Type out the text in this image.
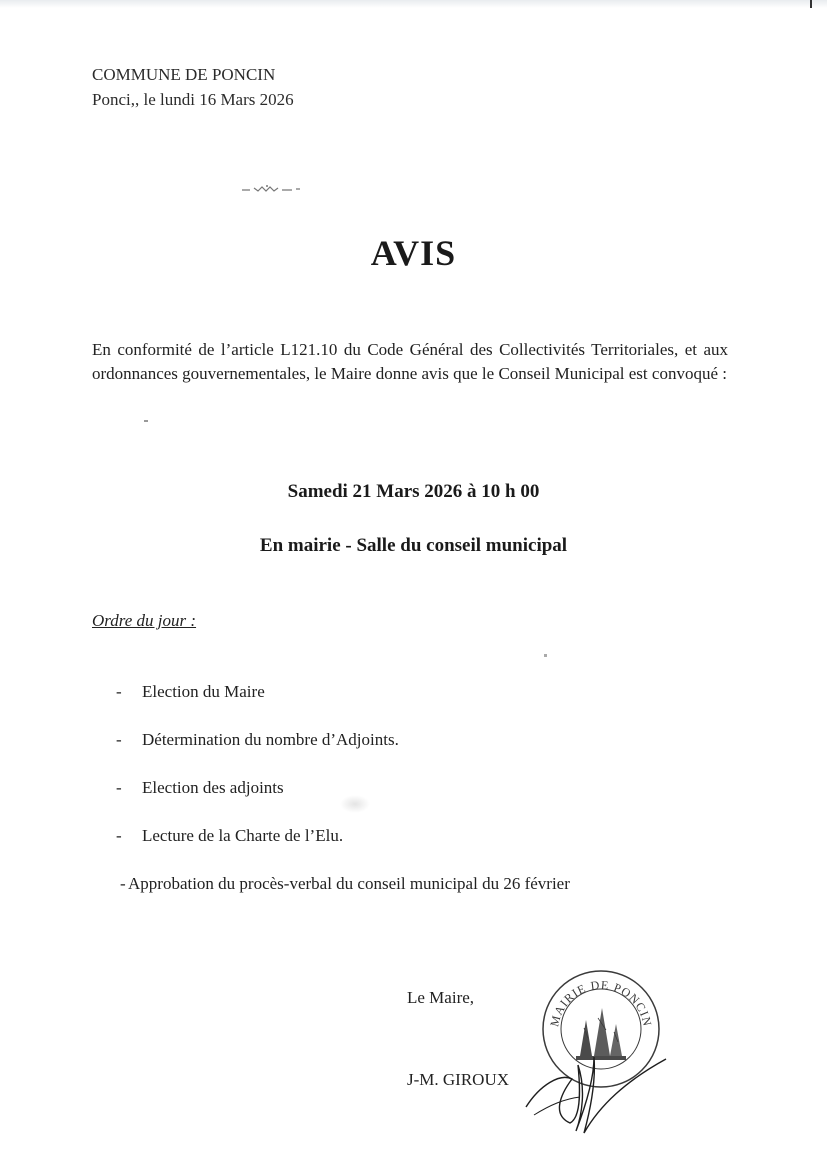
COMMUNE DE PONCIN
Ponci,, le lundi 16 Mars 2026
AVIS
En conformité de l’article L121.10 du Code Général des Collectivités Territoriales, et aux ordonnances gouvernementales, le Maire donne avis que le Conseil Municipal est convoqué :
Samedi 21 Mars 2026 à 10 h 00
En mairie - Salle du conseil municipal
Ordre du jour :
- Election du Maire
- Détermination du nombre d’Adjoints.
- Election des adjoints
- Lecture de la Charte de l’Elu.
- Approbation du procès-verbal du conseil municipal du 26 février
Le Maire,
J-M. GIROUX
MAIRIE DE PONCIN
